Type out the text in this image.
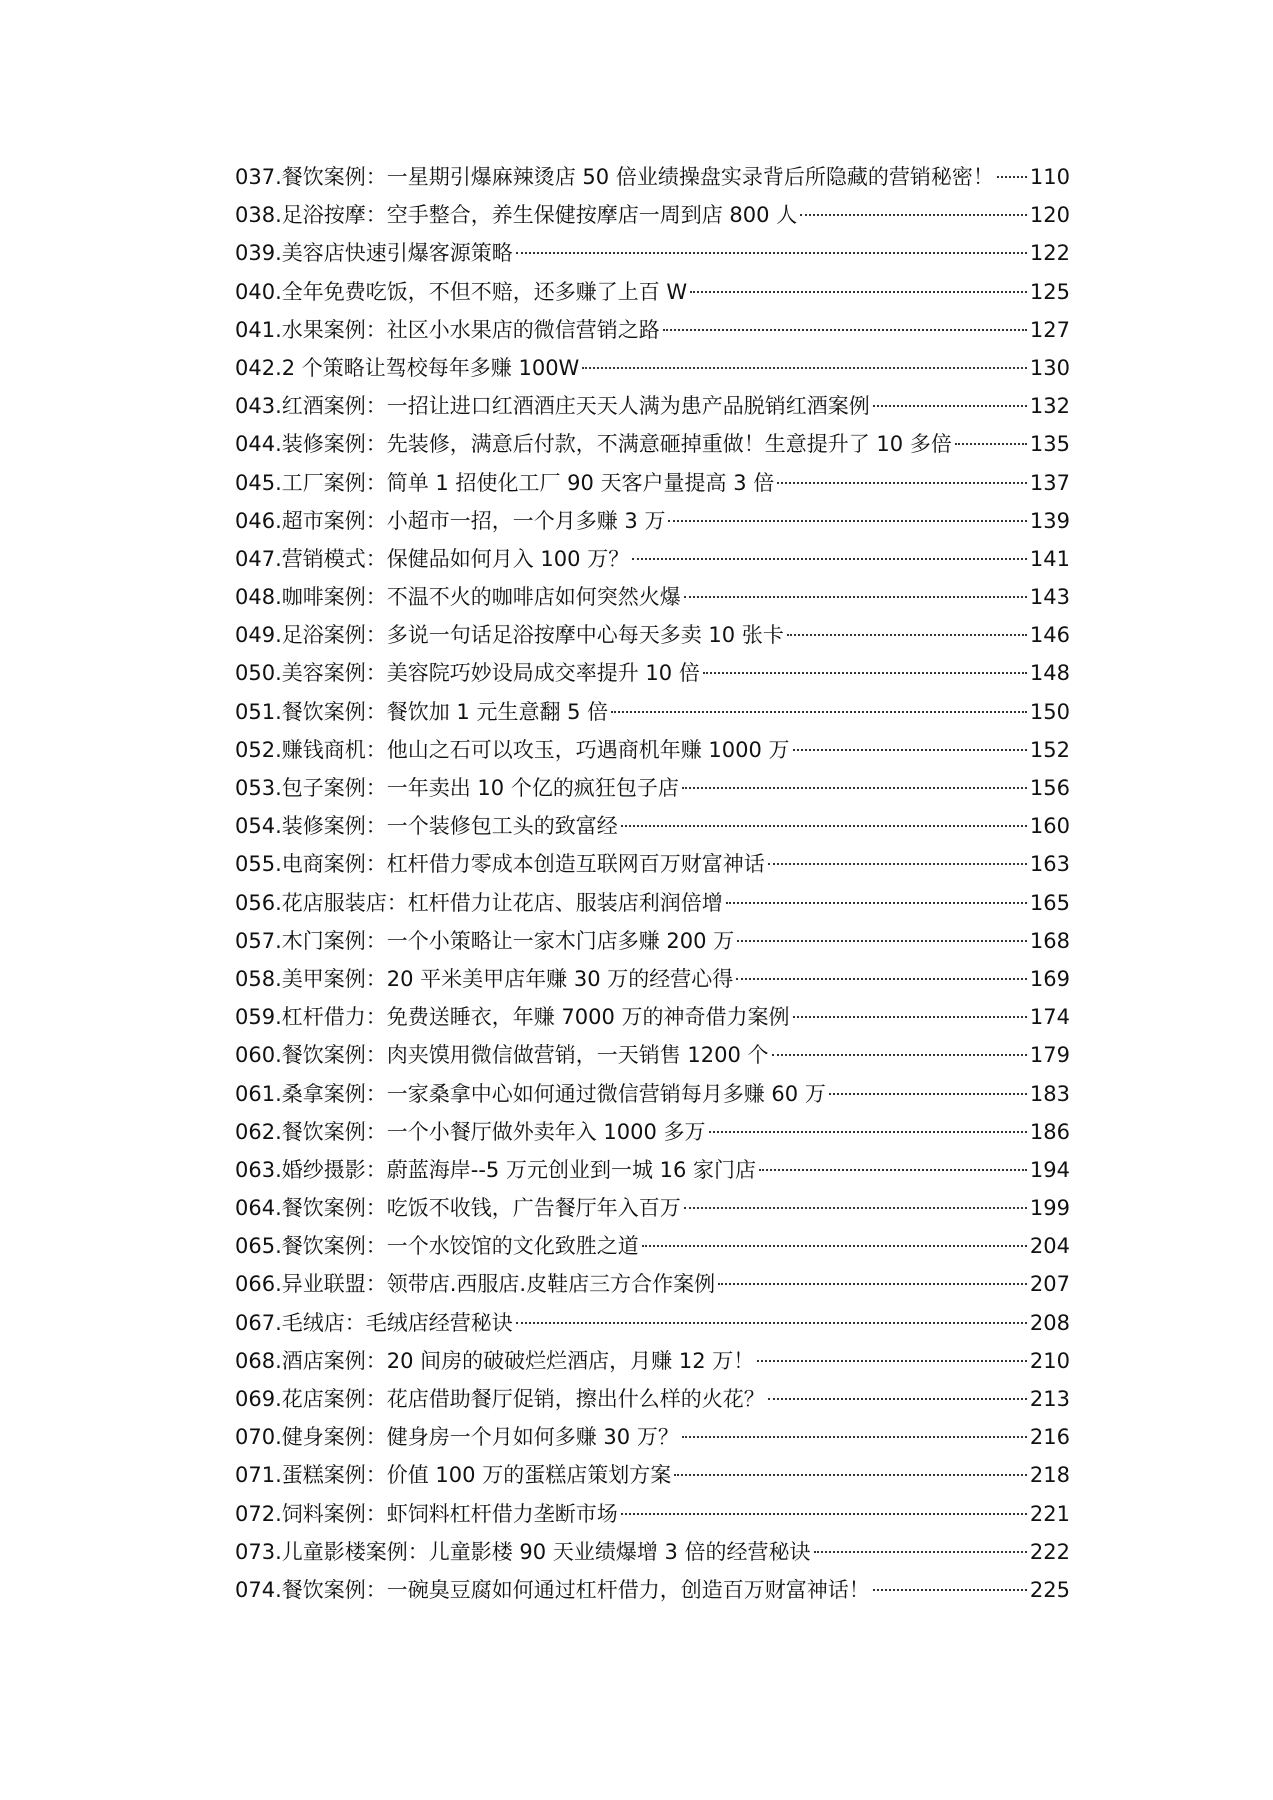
037.餐饮案例：一星期引爆麻辣烫店 50 倍业绩操盘实录背后所隐藏的营销秘密！ 110
038.足浴按摩：空手整合，养生保健按摩店一周到店 800 人	120
039.美容店快速引爆客源策略	122
040.全年免费吃饭，不但不赔，还多赚了上百 W	125
041.水果案例：社区小水果店的微信营销之路	127
042.2 个策略让驾校每年多赚 100W	130
043.红酒案例：一招让进口红酒酒庄天天人满为患产品脱销红酒案例	132
044.装修案例：先装修，满意后付款，不满意砸掉重做！生意提升了 10 多倍	135
045.工厂案例：简单 1 招使化工厂 90 天客户量提高 3 倍	137
046.超市案例：小超市一招，一个月多赚 3 万	139
047.营销模式：保健品如何月入 100 万？	141
048.咖啡案例：不温不火的咖啡店如何突然火爆	143
049.足浴案例：多说一句话足浴按摩中心每天多卖 10 张卡	146
050.美容案例：美容院巧妙设局成交率提升 10 倍	148
051.餐饮案例：餐饮加 1 元生意翻 5 倍	150
052.赚钱商机：他山之石可以攻玉，巧遇商机年赚 1000 万	152
053.包子案例：一年卖出 10 个亿的疯狂包子店	156
054.装修案例：一个装修包工头的致富经	160
055.电商案例：杠杆借力零成本创造互联网百万财富神话	163
056.花店服装店：杠杆借力让花店、服装店利润倍增	165
057.木门案例：一个小策略让一家木门店多赚 200 万	168
058.美甲案例：20 平米美甲店年赚 30 万的经营心得	169
059.杠杆借力：免费送睡衣，年赚 7000 万的神奇借力案例	174
060.餐饮案例：肉夹馍用微信做营销，一天销售 1200 个	179
061.桑拿案例：一家桑拿中心如何通过微信营销每月多赚 60 万	183
062.餐饮案例：一个小餐厅做外卖年入 1000 多万	186
063.婚纱摄影：蔚蓝海岸--5 万元创业到一城 16 家门店	194
064.餐饮案例：吃饭不收钱，广告餐厅年入百万	199
065.餐饮案例：一个水饺馆的文化致胜之道	204
066.异业联盟：领带店.西服店.皮鞋店三方合作案例	207
067.毛绒店：毛绒店经营秘诀	208
068.酒店案例：20 间房的破破烂烂酒店，月赚 12 万！	210
069.花店案例：花店借助餐厅促销，擦出什么样的火花？	213
070.健身案例：健身房一个月如何多赚 30 万？	216
071.蛋糕案例：价值 100 万的蛋糕店策划方案	218
072.饲料案例：虾饲料杠杆借力垄断市场	221
073.儿童影楼案例：儿童影楼 90 天业绩爆增 3 倍的经营秘诀	222
074.餐饮案例：一碗臭豆腐如何通过杠杆借力，创造百万财富神话！	225
